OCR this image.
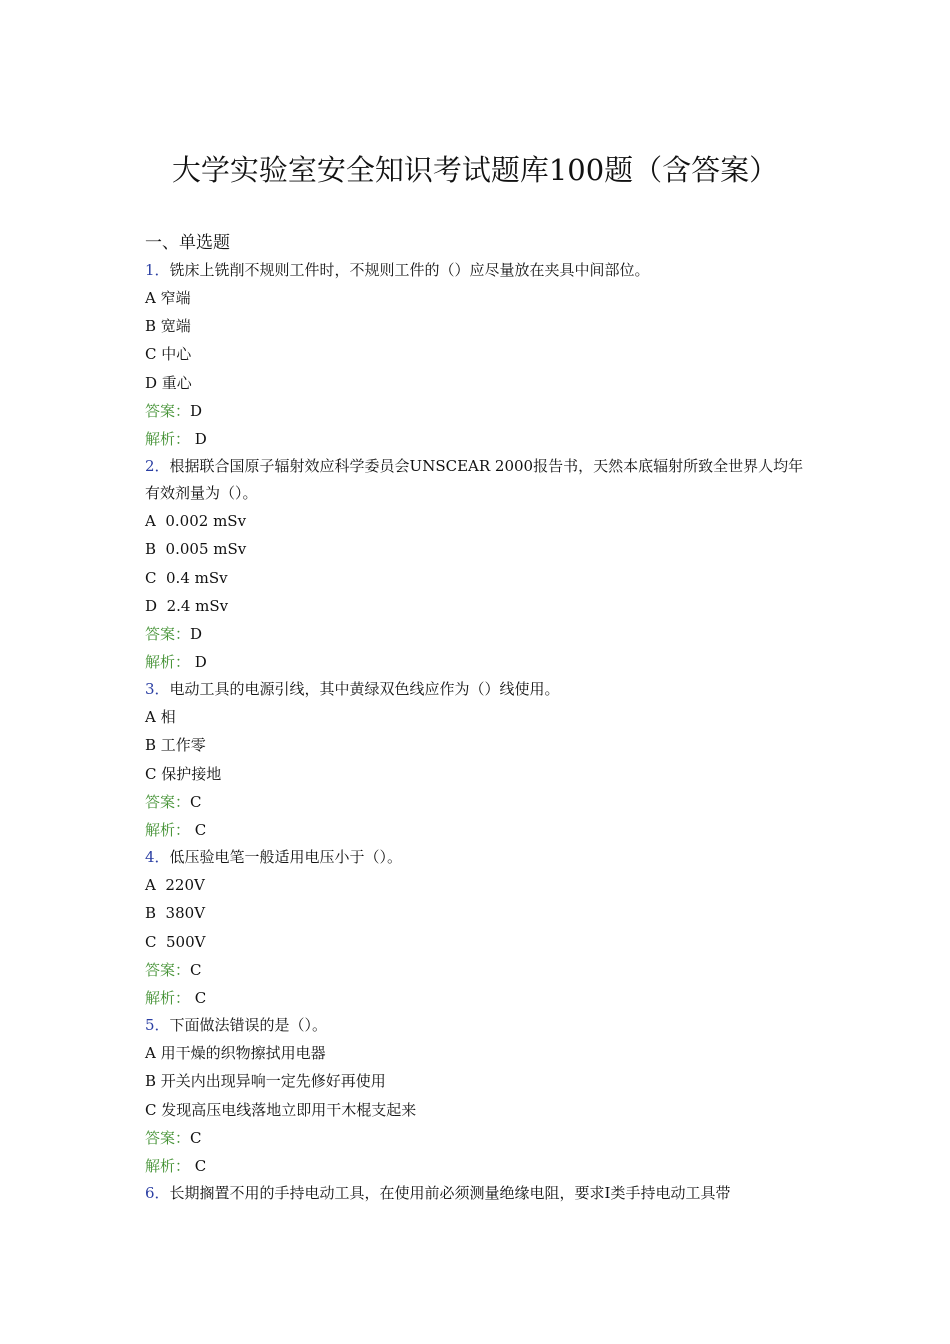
大学实验室安全知识考试题库100题（含答案）
一、单选题
1．铣床上铣削不规则工件时，不规则工件的（）应尽量放在夹具中间部位。
A 窄端
B 宽端
C 中心
D 重心
答案：D
解析： D
2．根据联合国原子辐射效应科学委员会UNSCEAR 2000报告书，天然本底辐射所致全世界人均年有效剂量为（）。
A  0.002 mSv
B  0.005 mSv
C  0.4 mSv
D  2.4 mSv
答案：D
解析： D
3．电动工具的电源引线，其中黄绿双色线应作为（）线使用。
A 相
B 工作零
C 保护接地
答案：C
解析： C
4．低压验电笔一般适用电压小于（）。
A  220V
B  380V
C  500V
答案：C
解析： C
5．下面做法错误的是（）。
A 用干燥的织物擦拭用电器
B 开关内出现异响一定先修好再使用
C 发现高压电线落地立即用干木棍支起来
答案：C
解析： C
6．长期搁置不用的手持电动工具，在使用前必须测量绝缘电阻，要求Ⅰ类手持电动工具带
